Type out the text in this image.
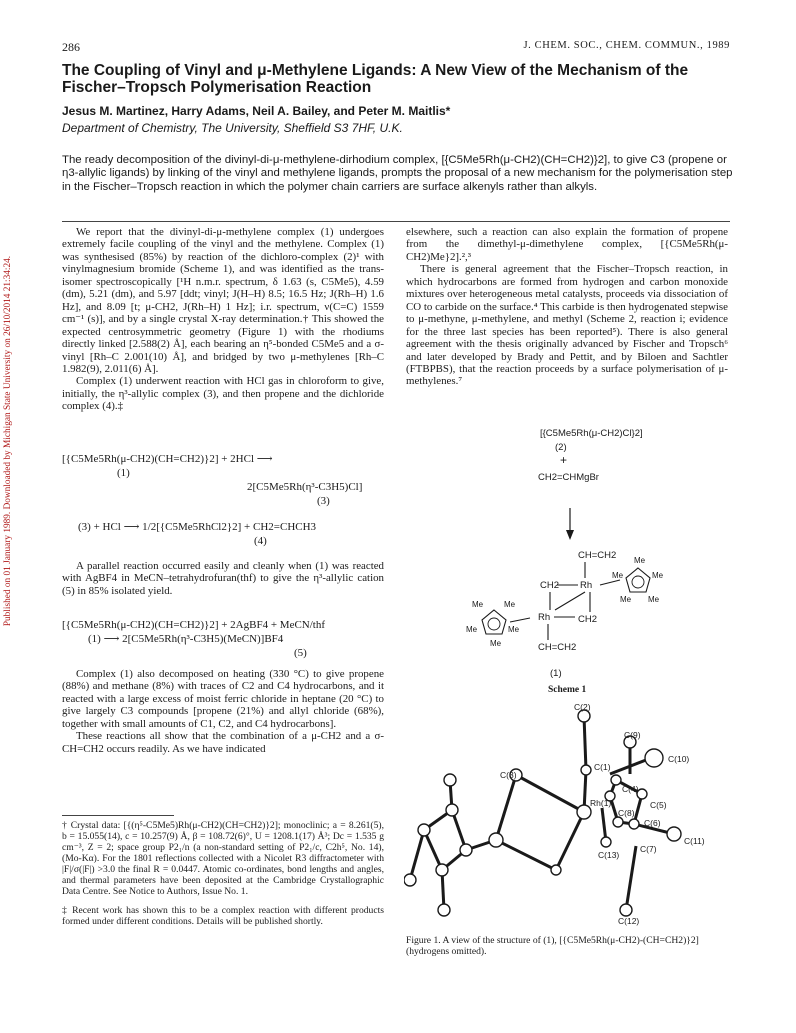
Published on 01 January 1989. Downloaded by Michigan State University on 26/10/2014 21:34:24.
286	J. CHEM. SOC., CHEM. COMMUN., 1989
The Coupling of Vinyl and μ-Methylene Ligands: A New View of the Mechanism of the Fischer–Tropsch Polymerisation Reaction
Jesus M. Martinez, Harry Adams, Neil A. Bailey, and Peter M. Maitlis*
Department of Chemistry, The University, Sheffield S3 7HF, U.K.
The ready decomposition of the divinyl-di-μ-methylene-dirhodium complex, [{C5Me5Rh(μ-CH2)(CH=CH2)}2], to give C3 (propene or η3-allylic ligands) by linking of the vinyl and methylene ligands, prompts the proposal of a new mechanism for the polymerisation step in the Fischer–Tropsch reaction in which the polymer chain carriers are surface alkenyls rather than alkyls.

We report that the divinyl-di-μ-methylene complex (1) undergoes extremely facile coupling of the vinyl and the methylene. Complex (1) was synthesised (85%) by reaction of the dichloro-complex (2)¹ with vinylmagnesium bromide (Scheme 1), and was identified as the trans-isomer spectroscopically [¹H n.m.r. spectrum, δ 1.63 (s, C5Me5), 4.59 (dm), 5.21 (dm), and 5.97 [ddt; vinyl; J(H–H) 8.5; 16.5 Hz; J(Rh–H) 1.6 Hz], and 8.09 [t; μ-CH2, J(Rh–H) 1 Hz]; i.r. spectrum, ν(C=C) 1559 cm⁻¹ (s)], and by a single crystal X-ray determination.† This showed the expected centrosymmetric geometry (Figure 1) with the rhodiums directly linked [2.588(2) Å], each bearing an η⁵-bonded C5Me5 and a σ-vinyl [Rh–C 2.001(10) Å], and bridged by two μ-methylenes [Rh–C 1.982(9), 2.011(6) Å].

Complex (1) underwent reaction with HCl gas in chloroform to give, initially, the η³-allylic complex (3), and then propene and the dichloride complex (4).‡

[{C5Me5Rh(μ-CH2)(CH=CH2)}2] + 2HCl ⟶
(1)
2[C5Me5Rh(η³-C3H5)Cl]
(3)
(3) + HCl ⟶ 1/2[{C5Me5RhCl2}2] + CH2=CHCH3
(4)

A parallel reaction occurred easily and cleanly when (1) was reacted with AgBF4 in MeCN–tetrahydrofuran(thf) to give the η³-allylic cation (5) in 85% isolated yield.

[{C5Me5Rh(μ-CH2)(CH=CH2)}2] + 2AgBF4 + MeCN/thf
(1) ⟶ 2[C5Me5Rh(η³-C3H5)(MeCN)]BF4
(5)

Complex (1) also decomposed on heating (330 °C) to give propene (88%) and methane (8%) with traces of C2 and C4 hydrocarbons, and it reacted with a large excess of moist ferric chloride in heptane (20 °C) to give largely C3 compounds [propene (21%) and allyl chloride (68%), together with small amounts of C1, C2, and C4 hydrocarbons].

These reactions all show that the combination of a μ-CH2 and a σ-CH=CH2 occurs readily. As we have indicated

† Crystal data: [{(η⁵-C5Me5)Rh(μ-CH2)(CH=CH2)}2]; monoclinic; a = 8.261(5), b = 15.055(14), c = 10.257(9) Å, β = 108.72(6)°, U = 1208.1(17) Å³; Dc = 1.535 g cm⁻³, Z = 2; space group P2₁/n (a non-standard setting of P2₁/c, C2h⁵, No. 14), (Mo-Kα). For the 1801 reflections collected with a Nicolet R3 diffractometer with |F|/σ(|F|) >3.0 the final R = 0.0447. Atomic co-ordinates, bond lengths and angles, and thermal parameters have been deposited at the Cambridge Crystallographic Data Centre. See Notice to Authors, Issue No. 1.

‡ Recent work has shown this to be a complex reaction with different products formed under different conditions. Details will be published shortly.

elsewhere, such a reaction can also explain the formation of propene from the dimethyl-μ-dimethylene complex, [{C5Me5Rh(μ-CH2)Me}2].²,³

There is general agreement that the Fischer–Tropsch reaction, in which hydrocarbons are formed from hydrogen and carbon monoxide mixtures over heterogeneous metal catalysts, proceeds via dissociation of CO to carbide on the surface.⁴ This carbide is then hydrogenated stepwise to μ-methyne, μ-methylene, and methyl (Scheme 2, reaction i; evidence for the three last species has been reported⁵). There is also general agreement with the thesis originally advanced by Fischer and Tropsch⁶ and later developed by Brady and Pettit, and by Biloen and Sachtler (FTBPBS), that the reaction proceeds by a surface polymerisation of μ-methylenes.⁷

[{C5Me5Rh(μ-CH2)Cl}2]
(2)
+
CH2=CHMgBr
CH=CH2
CH2 Rh
Rh	CH2
CH=CH2
(1)
Me
Me
Me
Me
Me
Me	Me
Me	Me
Me
Scheme 1
C(2)
C(9)
C(1)
C(10)
C(3)
C(4)
Rh(1)	C(5)
C(8)
C(6)
C(13)
C(11)
C(7)
C(12)
Figure 1. A view of the structure of (1), [{C5Me5Rh(μ-CH2)-(CH=CH2)}2] (hydrogens omitted).
